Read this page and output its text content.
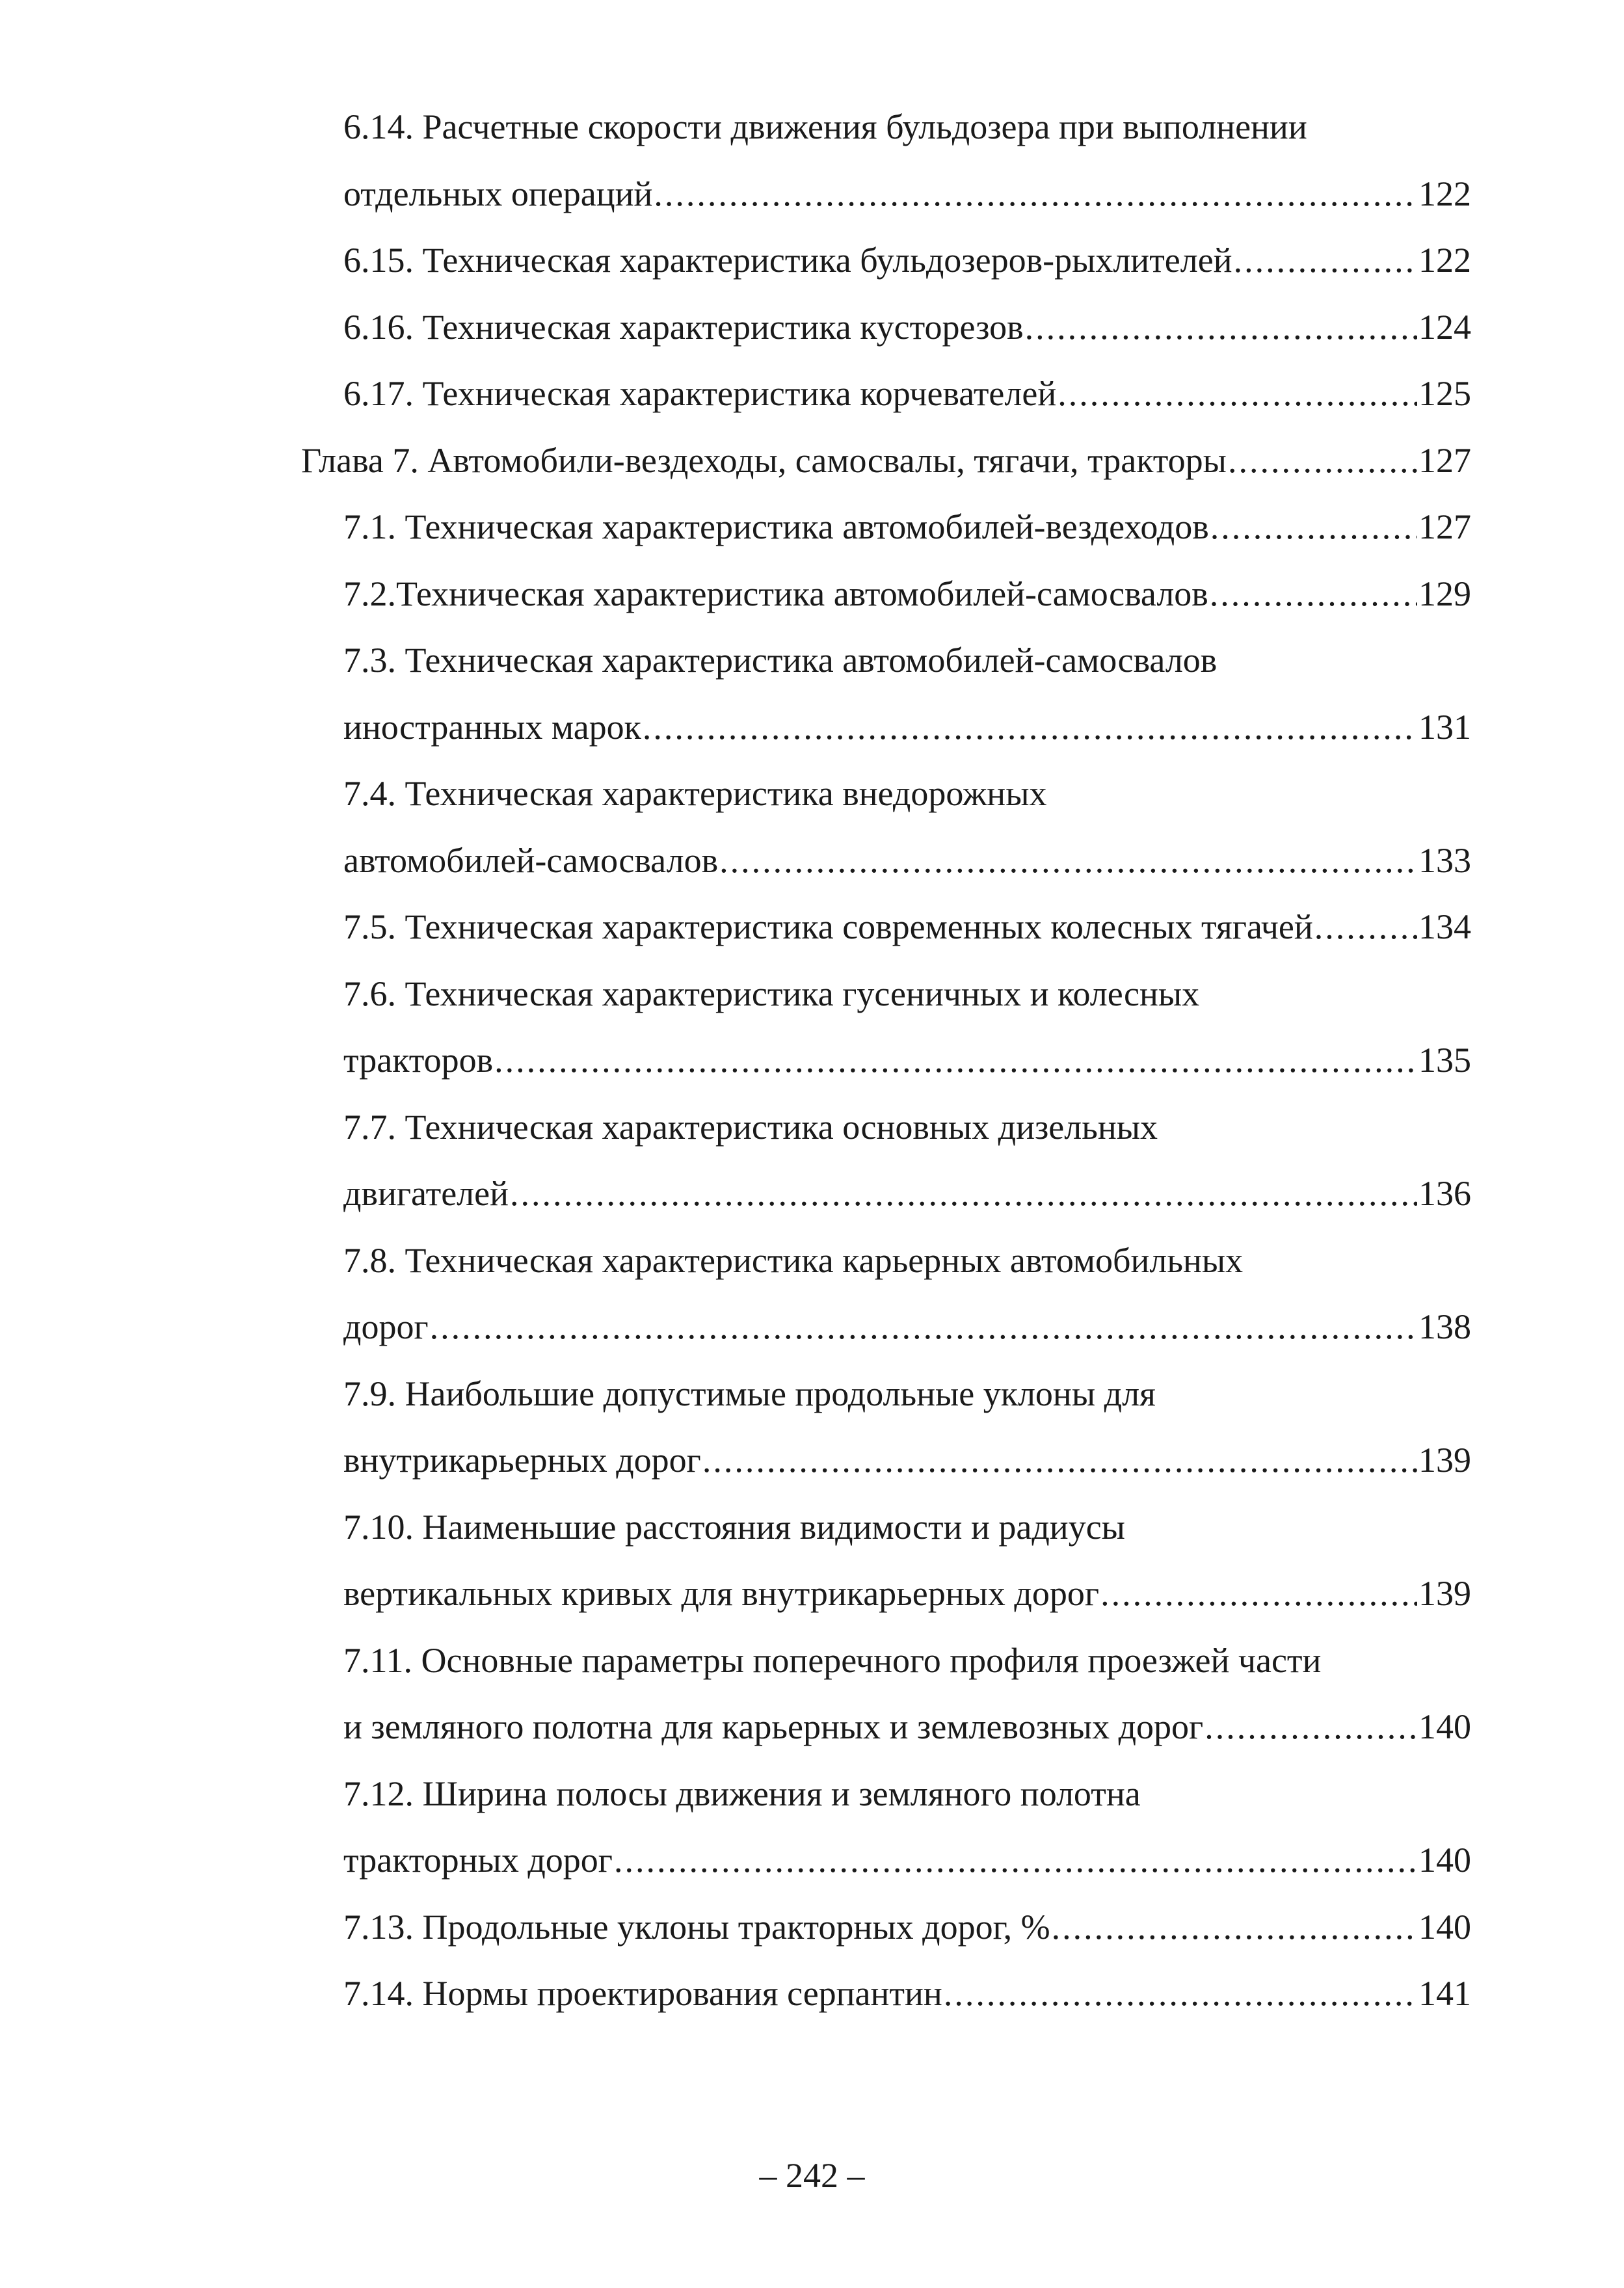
6.14. Расчетные скорости движения бульдозера при выполнении
отдельных операций .....	122
6.15. Техническая характеристика бульдозеров-рыхлителей .....	122
6.16. Техническая характеристика кусторезов .....	124
6.17. Техническая характеристика корчевателей .....	125
Глава 7. Автомобили-вездеходы, самосвалы, тягачи, тракторы .....	127
7.1. Техническая характеристика автомобилей-вездеходов .....	127
7.2.Техническая характеристика автомобилей-самосвалов .....	129
7.3. Техническая характеристика автомобилей-самосвалов
иностранных марок .....	131
7.4. Техническая характеристика внедорожных
автомобилей-самосвалов .....	133
7.5. Техническая характеристика современных колесных тягачей .....	134
7.6. Техническая характеристика гусеничных и колесных
тракторов .....	135
7.7. Техническая характеристика основных дизельных
двигателей .....	136
7.8. Техническая характеристика карьерных автомобильных
дорог .....	138
7.9. Наибольшие допустимые продольные уклоны для
внутрикарьерных дорог .....	139
7.10. Наименьшие расстояния видимости и радиусы
вертикальных кривых для внутрикарьерных дорог .....	139
7.11. Основные параметры поперечного профиля проезжей части
и земляного полотна для карьерных и землевозных дорог .....	140
7.12. Ширина полосы движения и земляного полотна
тракторных дорог .....	140
7.13. Продольные уклоны тракторных дорог, % .....	140
7.14. Нормы проектирования серпантин .....	141
– 242 –
